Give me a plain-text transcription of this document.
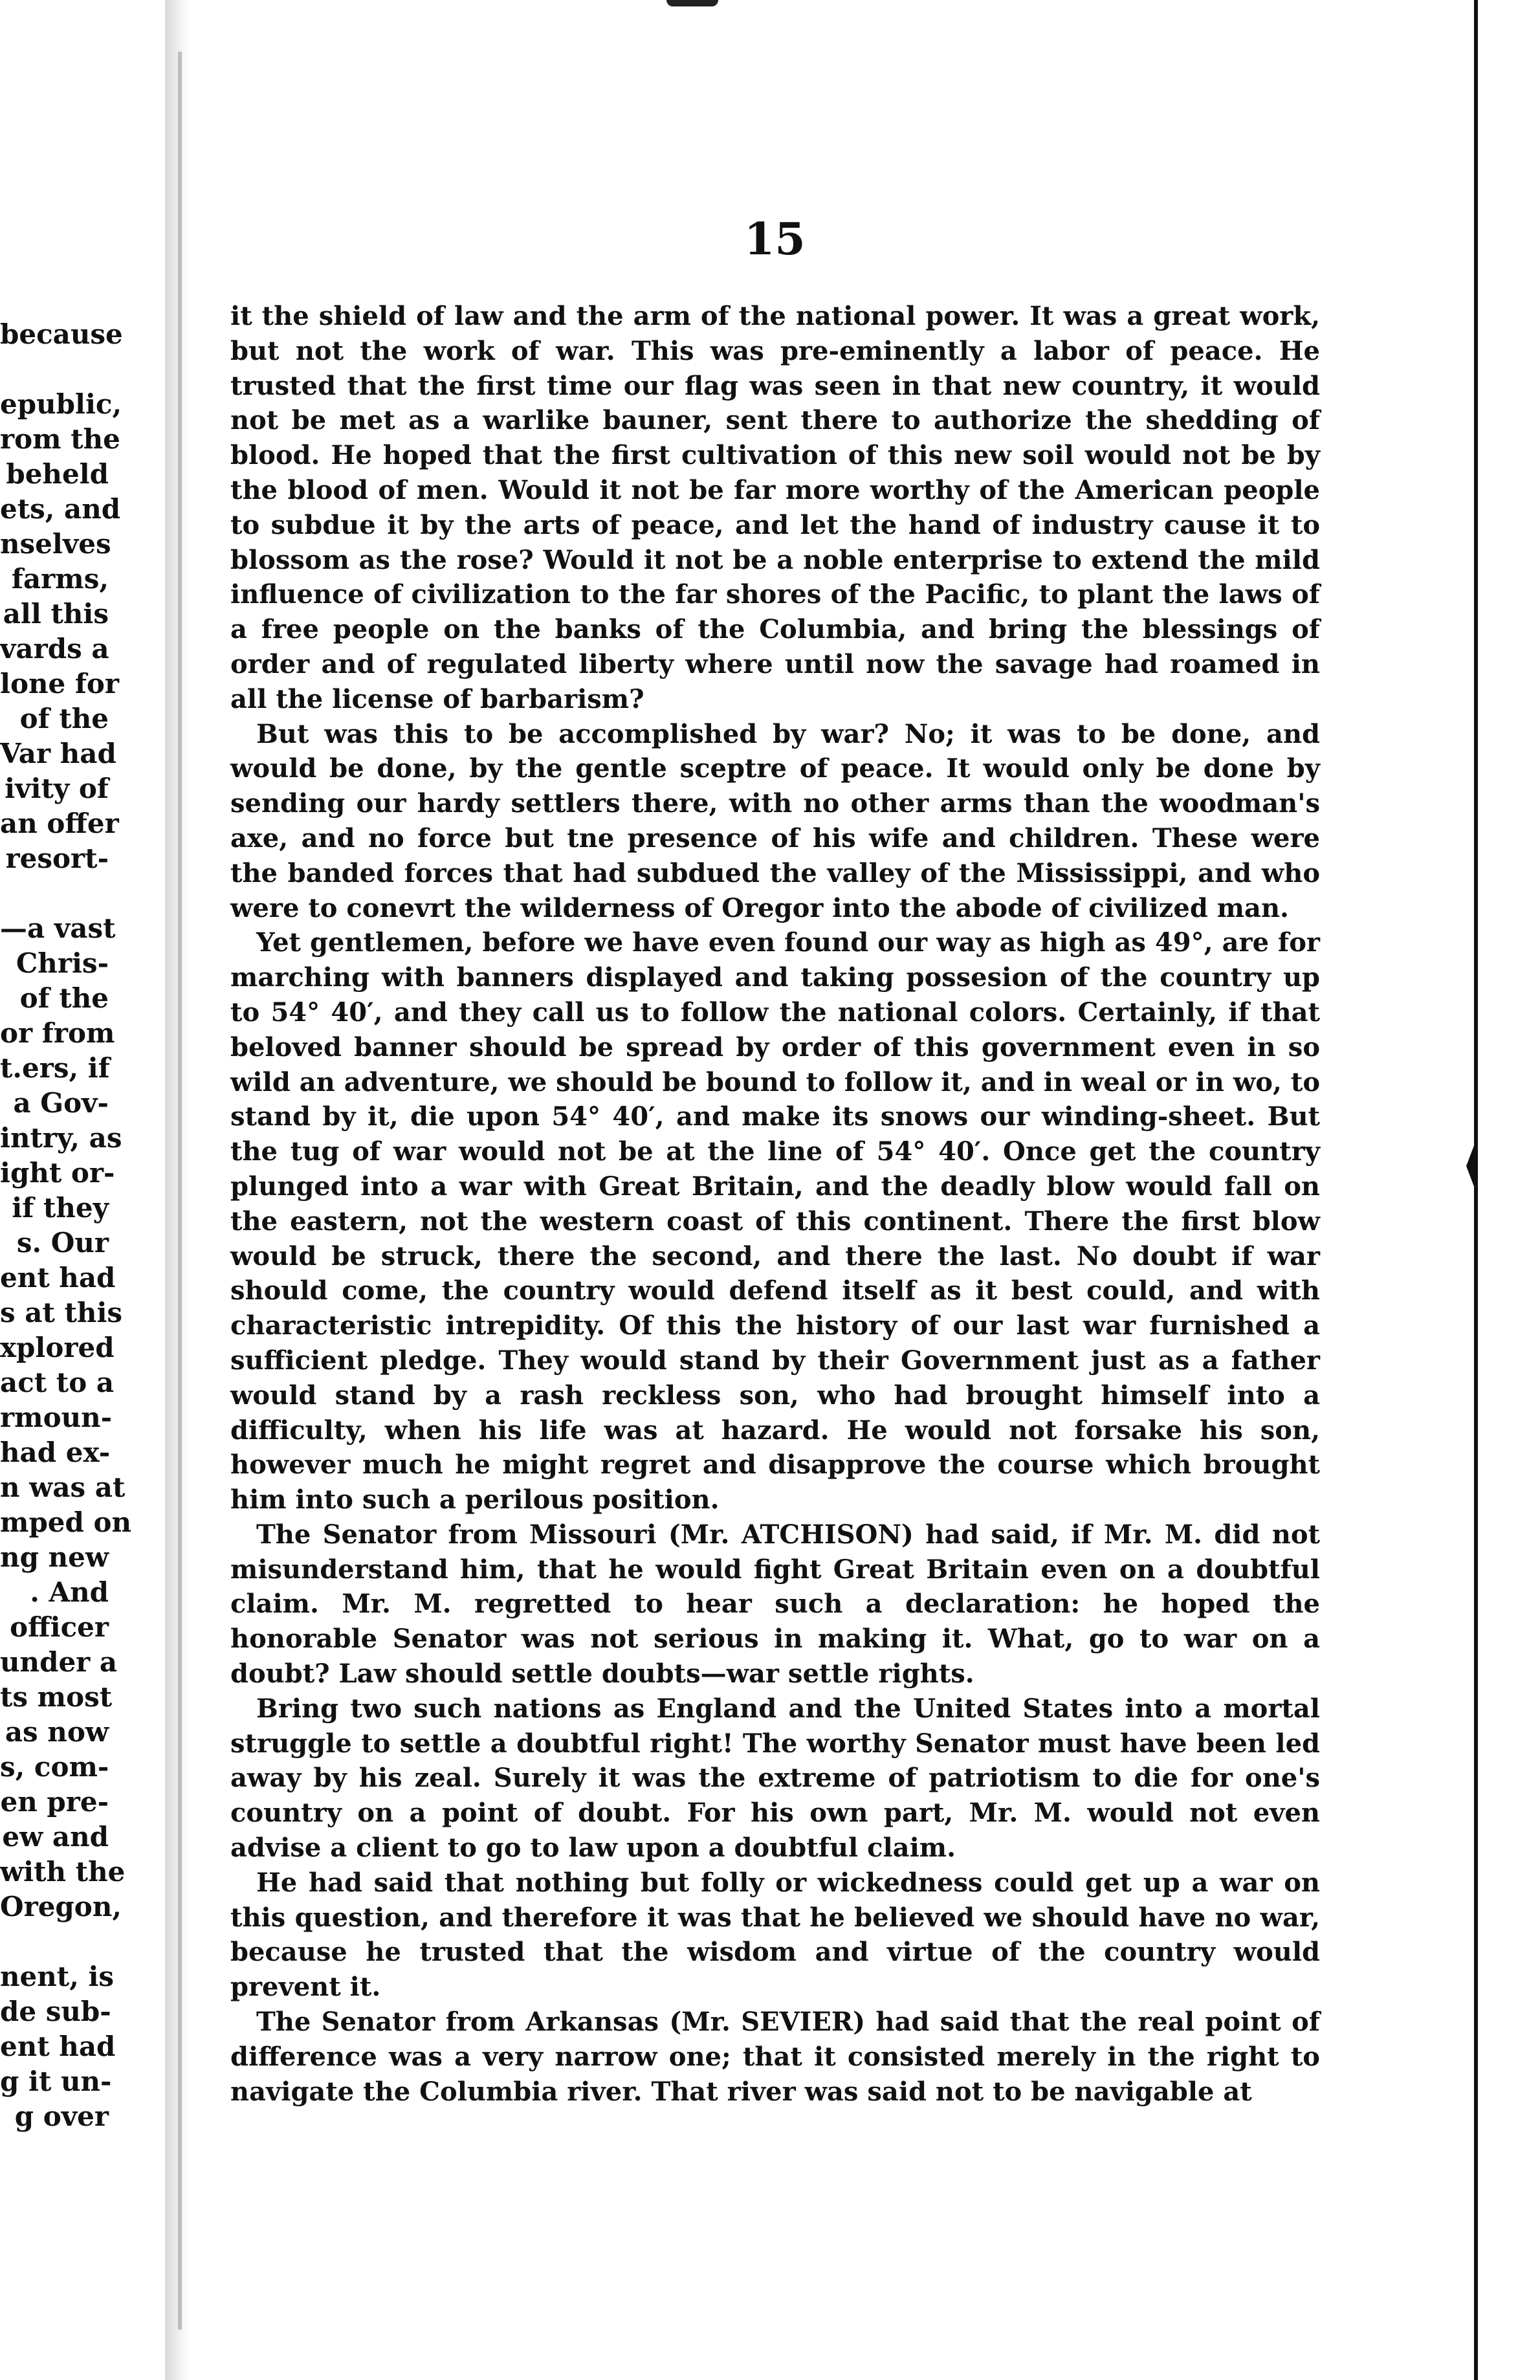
because
epublic,
rom the
beheld
ets, and
nselves
farms,
all this
vards a
lone for
of the
Var had
ivity of
an offer
resort-
—a vast
Chris-
of the
or from
t.ers, if
a Gov-
intry, as
ight or-
if they
s. Our
ent had
s at this
xplored
act to a
rmoun-
had ex-
n was at
mped on
ng new
. And
officer
under a
ts most
as now
s, com-
en pre-
ew and
with the
Oregon,
nent, is
de sub-
ent had
g it un-
g over
15

it the shield of law and the arm of the national power. It was a great work, but not the work of war. This was pre-eminently a labor of peace. He trusted that the first time our flag was seen in that new country, it would not be met as a warlike bauner, sent there to authorize the shedding of blood. He hoped that the first cultivation of this new soil would not be by the blood of men. Would it not be far more worthy of the American people to subdue it by the arts of peace, and let the hand of industry cause it to blossom as the rose? Would it not be a noble enterprise to extend the mild influence of civilization to the far shores of the Pacific, to plant the laws of a free people on the banks of the Columbia, and bring the blessings of order and of regulated liberty where until now the savage had roamed in all the license of barbarism?

But was this to be accomplished by war? No; it was to be done, and would be done, by the gentle sceptre of peace. It would only be done by sending our hardy settlers there, with no other arms than the woodman's axe, and no force but tne presence of his wife and children. These were the banded forces that had subdued the valley of the Mississippi, and who were to conevrt the wilderness of Oregor into the abode of civilized man.

Yet gentlemen, before we have even found our way as high as 49°, are for marching with banners displayed and taking possesion of the country up to 54° 40′, and they call us to follow the national colors. Certainly, if that beloved banner should be spread by order of this government even in so wild an adventure, we should be bound to follow it, and in weal or in wo, to stand by it, die upon 54° 40′, and make its snows our winding-sheet. But the tug of war would not be at the line of 54° 40′. Once get the country plunged into a war with Great Britain, and the deadly blow would fall on the eastern, not the western coast of this continent. There the first blow would be struck, there the second, and there the last. No doubt if war should come, the country would defend itself as it best could, and with characteristic intrepidity. Of this the history of our last war furnished a sufficient pledge. They would stand by their Government just as a father would stand by a rash reckless son, who had brought himself into a difficulty, when his life was at hazard. He would not forsake his son, however much he might regret and disapprove the course which brought him into such a perilous position.

The Senator from Missouri (Mr. ATCHISON) had said, if Mr. M. did not misunderstand him, that he would fight Great Britain even on a doubtful claim. Mr. M. regretted to hear such a declaration: he hoped the honorable Senator was not serious in making it. What, go to war on a doubt? Law should settle doubts—war settle rights.

Bring two such nations as England and the United States into a mortal struggle to settle a doubtful right! The worthy Senator must have been led away by his zeal. Surely it was the extreme of patriotism to die for one's country on a point of doubt. For his own part, Mr. M. would not even advise a client to go to law upon a doubtful claim.

He had said that nothing but folly or wickedness could get up a war on this question, and therefore it was that he believed we should have no war, because he trusted that the wisdom and virtue of the country would prevent it.

The Senator from Arkansas (Mr. SEVIER) had said that the real point of difference was a very narrow one; that it consisted merely in the right to navigate the Columbia river. That river was said not to be navigable at
